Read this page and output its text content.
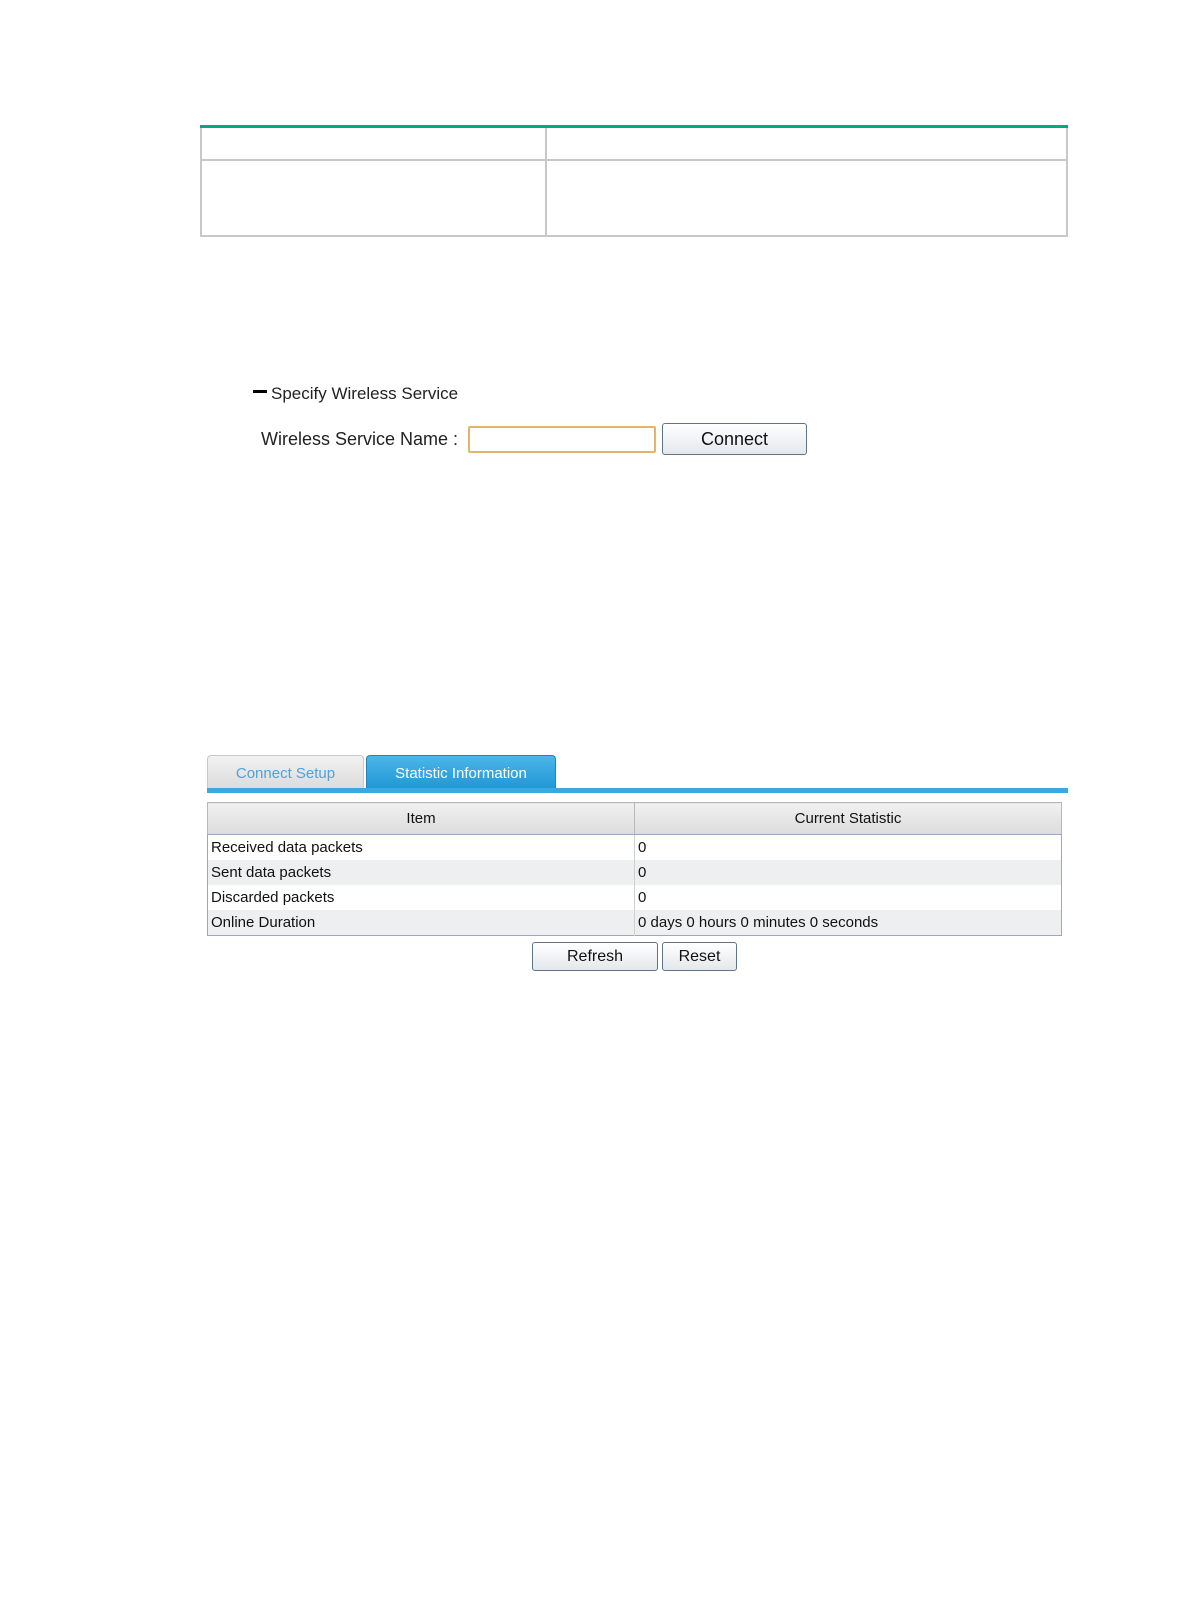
Specify Wireless Service
Wireless Service Name :	Connect
Connect Setup	Statistic Information
Item	Current Statistic
Received data packets	0
Sent data packets	0
Discarded packets	0
Online Duration	0 days 0 hours 0 minutes 0 seconds
Refresh	Reset
